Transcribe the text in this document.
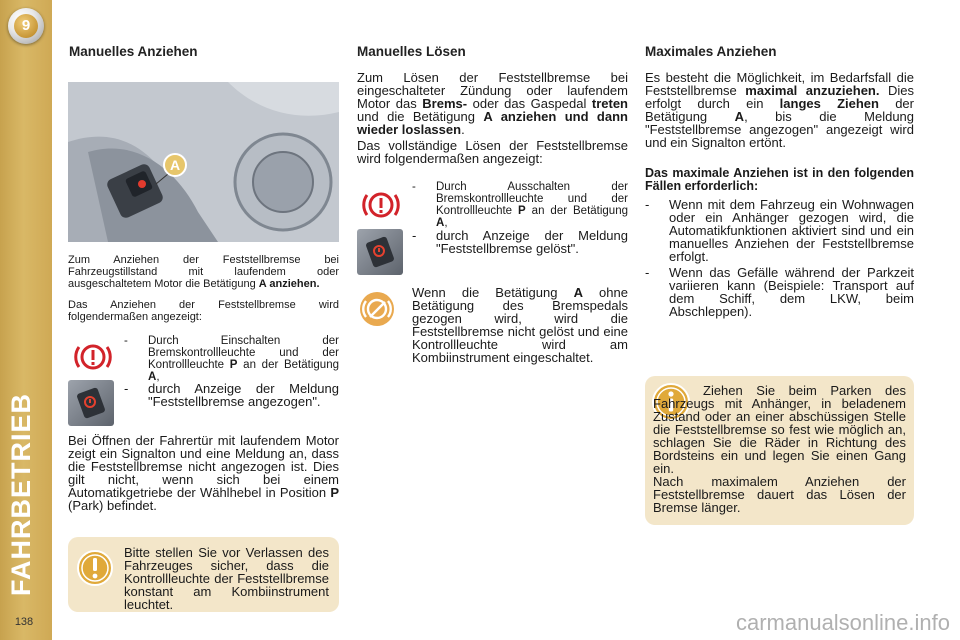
9
FAHRBETRIEB
138
Manuelles Anziehen
A
Zum Anziehen der Feststellbremse bei Fahrzeugstillstand mit laufendem oder ausgeschaltetem Motor die Betätigung A anziehen.
Das Anziehen der Feststellbremse wird folgendermaßen angezeigt:
- Durch Einschalten der Bremskontrollleuchte und der Kontrollleuchte P an der Betätigung A,
- durch Anzeige der Meldung "Feststellbremse angezogen".
Bei Öffnen der Fahrertür mit laufendem Motor zeigt ein Signalton und eine Meldung an, dass die Feststellbremse nicht angezogen ist. Dies gilt nicht, wenn sich bei einem Automatikgetriebe der Wählhebel in Position P (Park) befindet.
Bitte stellen Sie vor Verlassen des Fahrzeuges sicher, dass die Kontrollleuchte der Feststellbremse konstant am Kombiinstrument leuchtet.
Manuelles Lösen
Zum Lösen der Feststellbremse bei eingeschalteter Zündung oder laufendem Motor das Brems- oder das Gaspedal treten und die Betätigung A anziehen und dann wieder loslassen.
Das vollständige Lösen der Feststellbremse wird folgendermaßen angezeigt:
- Durch Ausschalten der Bremskontrollleuchte und der Kontrollleuchte P an der Betätigung A,
- durch Anzeige der Meldung "Feststellbremse gelöst".
Wenn die Betätigung A ohne Betätigung des Bremspedals gezogen wird, wird die Feststellbremse nicht gelöst und eine Kontrollleuchte wird am Kombiinstrument eingeschaltet.
Maximales Anziehen
Es besteht die Möglichkeit, im Bedarfsfall die Feststellbremse maximal anzuziehen. Dies erfolgt durch ein langes Ziehen der Betätigung A, bis die Meldung "Feststellbremse angezogen" angezeigt wird und ein Signalton ertönt.
Das maximale Anziehen ist in den folgenden Fällen erforderlich:
- Wenn mit dem Fahrzeug ein Wohnwagen oder ein Anhänger gezogen wird, die Automatikfunktionen aktiviert sind und ein manuelles Anziehen der Feststellbremse erfolgt.
- Wenn das Gefälle während der Parkzeit variieren kann (Beispiele: Transport auf dem Schiff, dem LKW, beim Abschleppen).
Ziehen Sie beim Parken des Fahrzeugs mit Anhänger, in beladenem Zustand oder an einer abschüssigen Stelle die Feststellbremse so fest wie möglich an, schlagen Sie die Räder in Richtung des Bordsteins ein und legen Sie einen Gang ein.
Nach maximalem Anziehen der Feststellbremse dauert das Lösen der Bremse länger.
carmanualsonline.info
